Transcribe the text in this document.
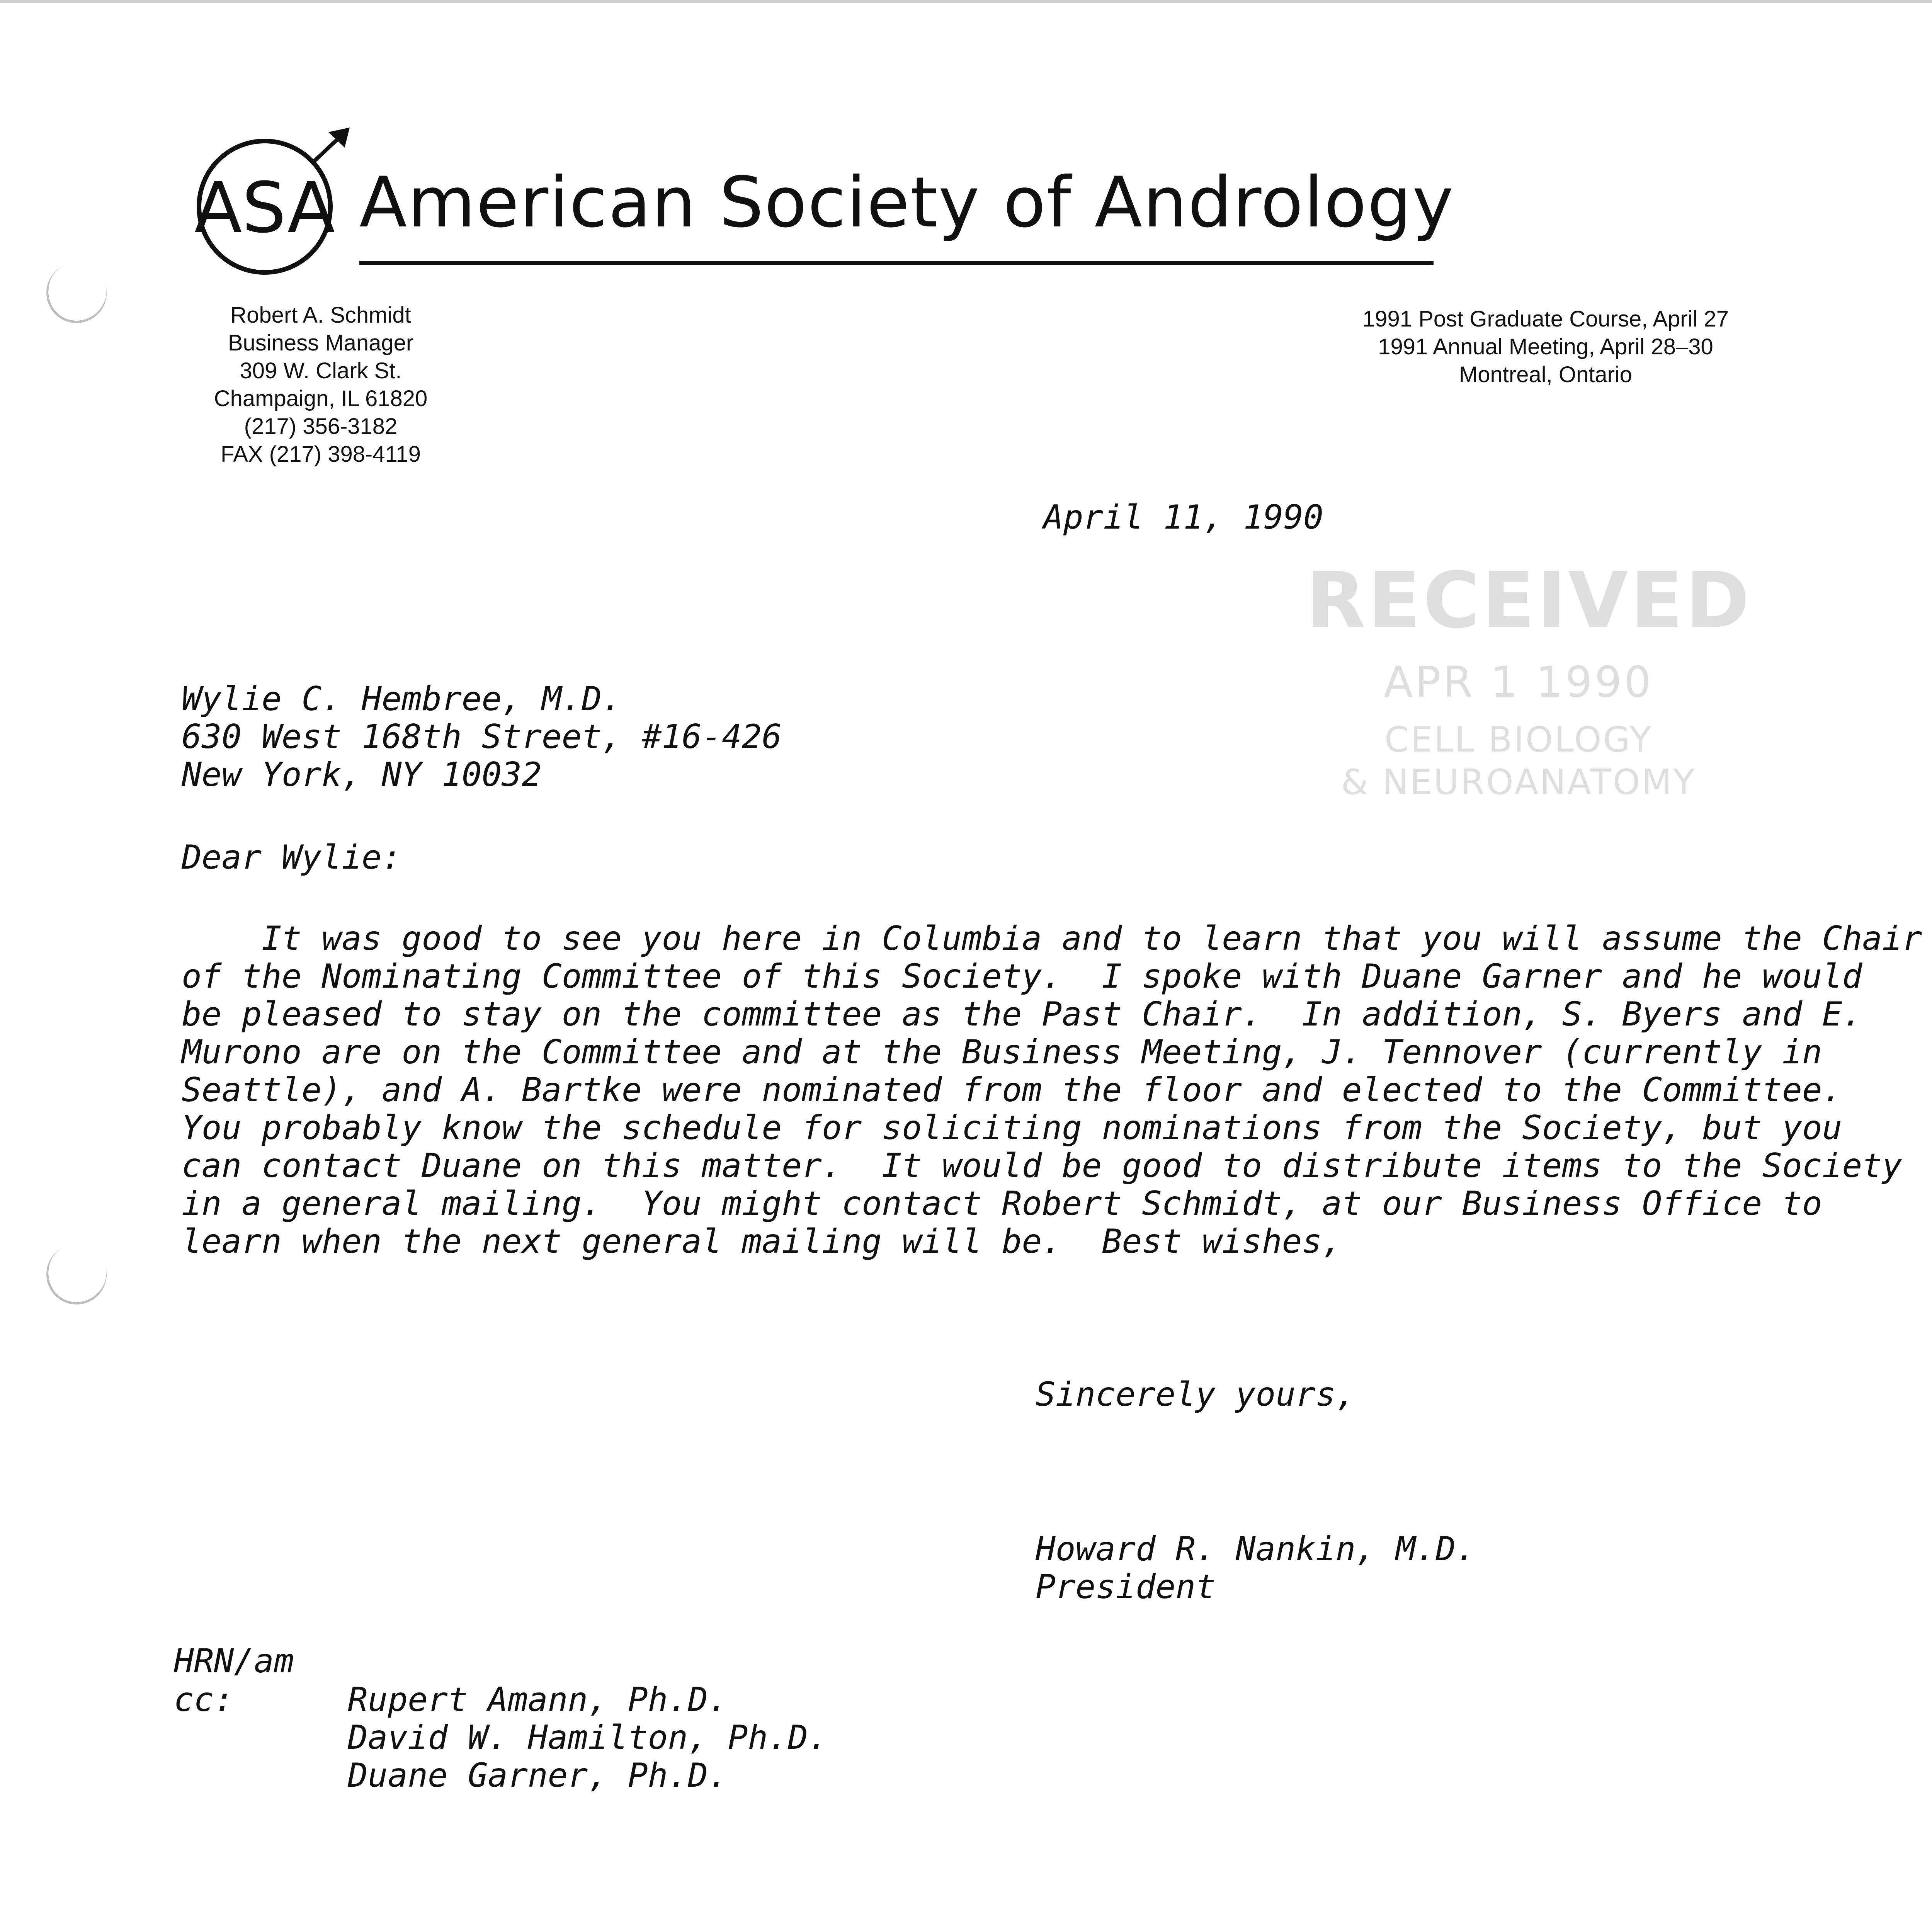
ASA American Society of Andrology
Robert A. Schmidt
Business Manager
309 W. Clark St.
Champaign, IL 61820
(217) 356-3182
FAX (217) 398-4119
1991 Post Graduate Course, April 27
1991 Annual Meeting, April 28–30
Montreal, Ontario
RECEIVED
APR 1 1990
CELL BIOLOGY
& NEUROANATOMY
April 11, 1990
Wylie C. Hembree, M.D.
630 West 168th Street, #16-426
New York, NY 10032
Dear Wylie:
It was good to see you here in Columbia and to learn that you will assume the Chair
of the Nominating Committee of this Society.  I spoke with Duane Garner and he would
be pleased to stay on the committee as the Past Chair.  In addition, S. Byers and E.
Murono are on the Committee and at the Business Meeting, J. Tennover (currently in
Seattle), and A. Bartke were nominated from the floor and elected to the Committee.
You probably know the schedule for soliciting nominations from the Society, but you
can contact Duane on this matter.  It would be good to distribute items to the Society
in a general mailing.  You might contact Robert Schmidt, at our Business Office to
learn when the next general mailing will be.  Best wishes,
Sincerely yours,
Howard R. Nankin, M.D.
President
HRN/am
cc:	Rupert Amann, Ph.D.
David W. Hamilton, Ph.D.
Duane Garner, Ph.D.
